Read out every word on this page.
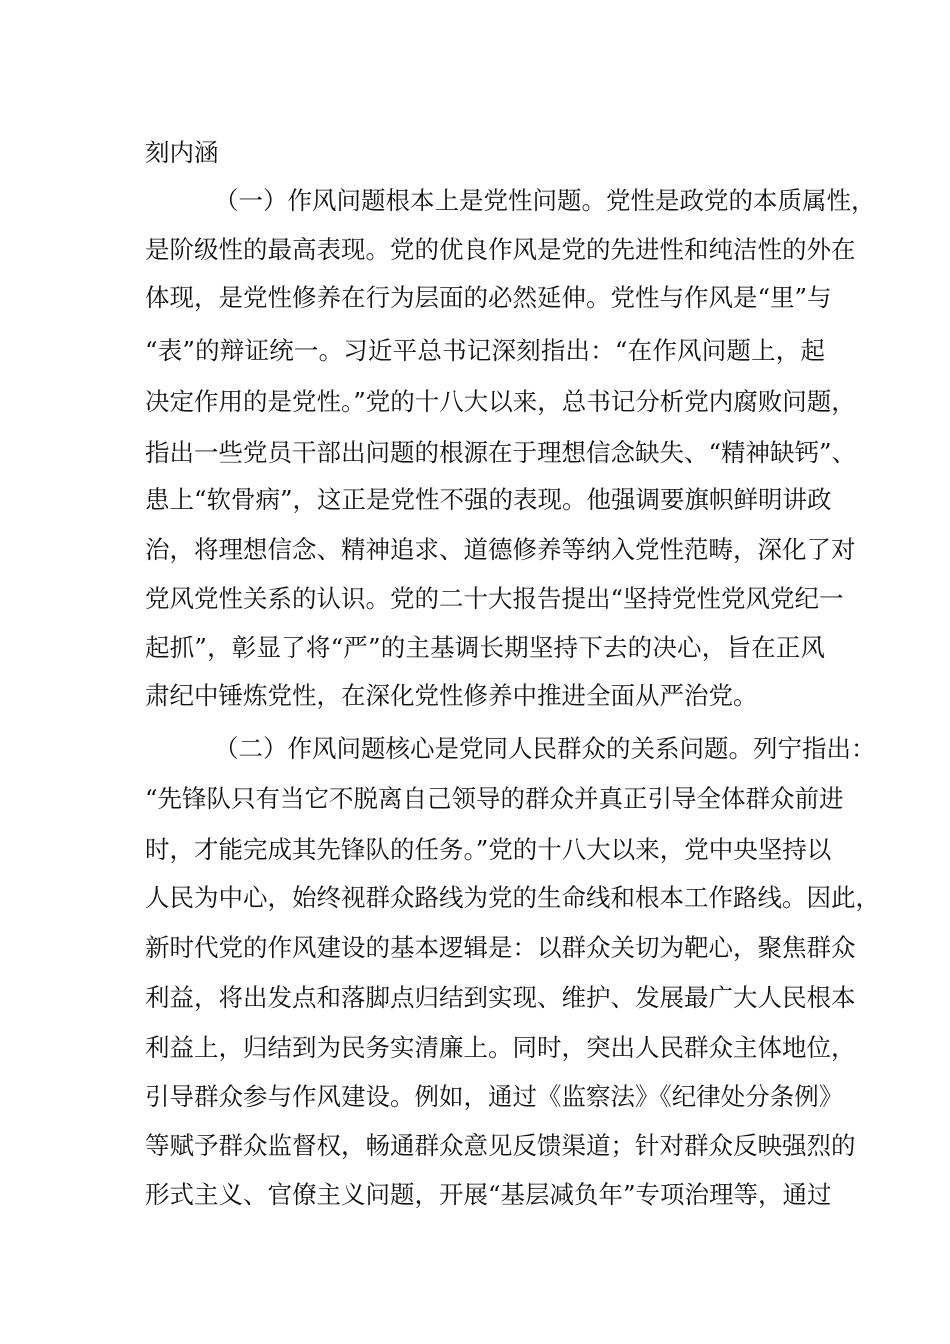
刻内涵
（一）作风问题根本上是党性问题。党性是政党的本质属性，
是阶级性的最高表现。党的优良作风是党的先进性和纯洁性的外在
体现，是党性修养在行为层面的必然延伸。党性与作风是“里”与
“表”的辩证统一。习近平总书记深刻指出：“在作风问题上，起
决定作用的是党性。”党的十八大以来，总书记分析党内腐败问题，
指出一些党员干部出问题的根源在于理想信念缺失、“精神缺钙”、
患上“软骨病”，这正是党性不强的表现。他强调要旗帜鲜明讲政
治，将理想信念、精神追求、道德修养等纳入党性范畴，深化了对
党风党性关系的认识。党的二十大报告提出“坚持党性党风党纪一
起抓”，彰显了将“严”的主基调长期坚持下去的决心，旨在正风
肃纪中锤炼党性，在深化党性修养中推进全面从严治党。
（二）作风问题核心是党同人民群众的关系问题。列宁指出：
“先锋队只有当它不脱离自己领导的群众并真正引导全体群众前进
时，才能完成其先锋队的任务。”党的十八大以来，党中央坚持以
人民为中心，始终视群众路线为党的生命线和根本工作路线。因此，
新时代党的作风建设的基本逻辑是：以群众关切为靶心，聚焦群众
利益，将出发点和落脚点归结到实现、维护、发展最广大人民根本
利益上，归结到为民务实清廉上。同时，突出人民群众主体地位，
引导群众参与作风建设。例如，通过《监察法》《纪律处分条例》
等赋予群众监督权，畅通群众意见反馈渠道；针对群众反映强烈的
形式主义、官僚主义问题，开展“基层减负年”专项治理等，通过
